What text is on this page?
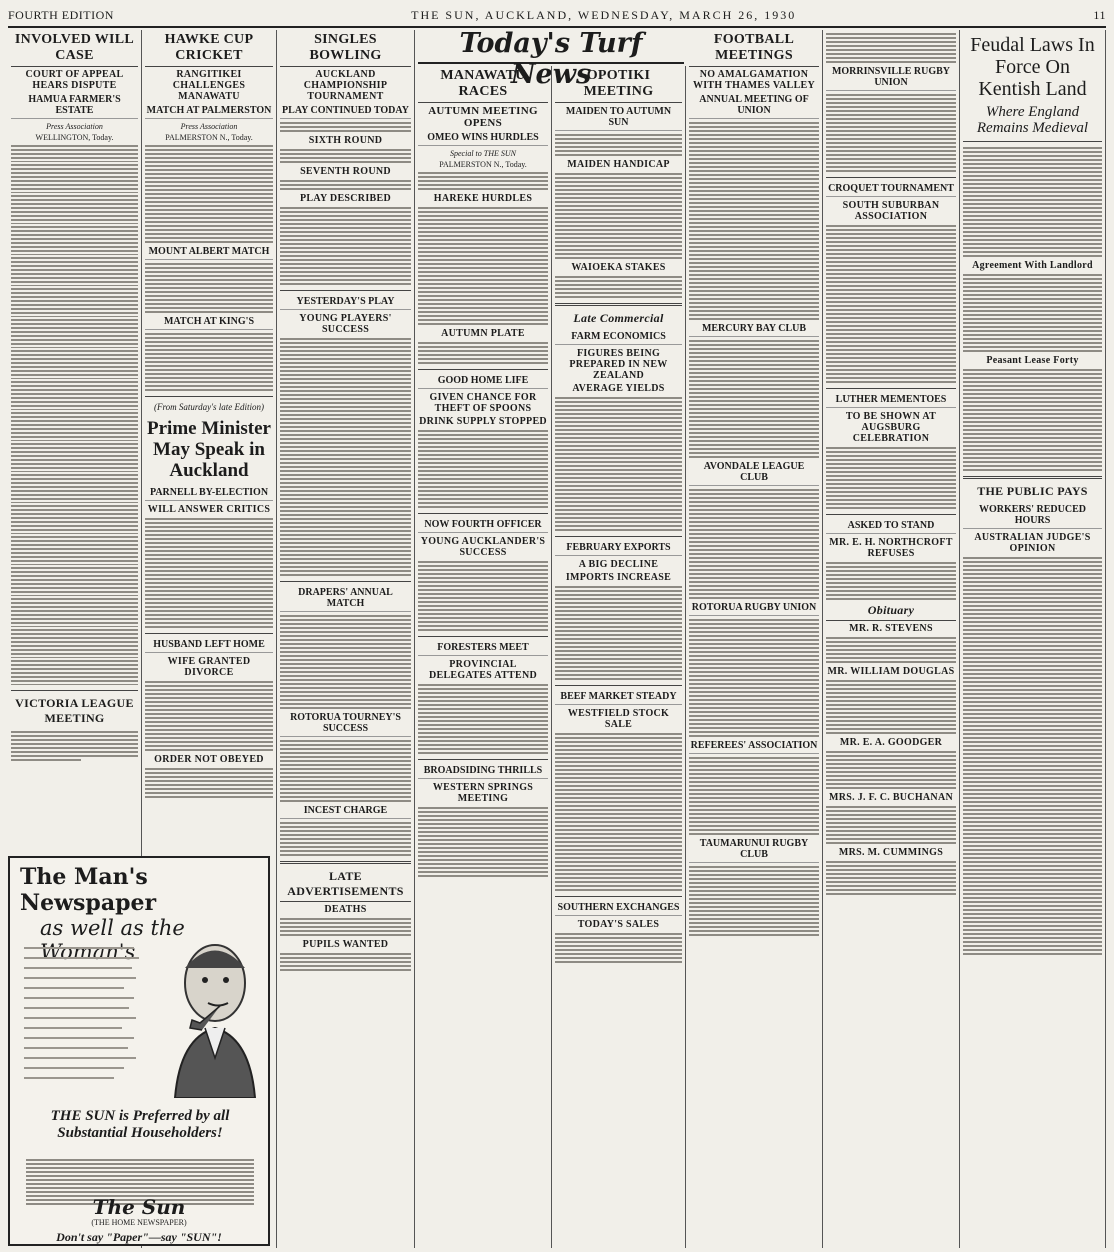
FOURTH EDITION	THE SUN, AUCKLAND, WEDNESDAY, MARCH 26, 1930	11
INVOLVED WILL CASE
COURT OF APPEAL HEARS DISPUTE
HAMUA FARMER'S ESTATE
Press Association
WELLINGTON, Today.
VICTORIA LEAGUE MEETING
HAWKE CUP CRICKET
RANGITIKEI CHALLENGES MANAWATU
MATCH AT PALMERSTON
Press Association
PALMERSTON N., Today.
MOUNT ALBERT MATCH
MATCH AT KING'S
(From Saturday's late Edition)
Prime Minister May Speak in Auckland
PARNELL BY-ELECTION
WILL ANSWER CRITICS
HUSBAND LEFT HOME
WIFE GRANTED DIVORCE
ORDER NOT OBEYED
SINGLES BOWLING
AUCKLAND CHAMPIONSHIP TOURNAMENT
PLAY CONTINUED TODAY
SIXTH ROUND
SEVENTH ROUND
PLAY DESCRIBED
YESTERDAY'S PLAY
YOUNG PLAYERS' SUCCESS
DRAPERS' ANNUAL MATCH
ROTORUA TOURNEY'S SUCCESS
INCEST CHARGE
LATE ADVERTISEMENTS
DEATHS
PUPILS WANTED
Today's Turf News
MANAWATU RACES
AUTUMN MEETING OPENS
OMEO WINS HURDLES
Special to THE SUN
PALMERSTON N., Today.
HAREKE HURDLES
AUTUMN PLATE
GOOD HOME LIFE
GIVEN CHANCE FOR THEFT OF SPOONS
DRINK SUPPLY STOPPED
NOW FOURTH OFFICER
YOUNG AUCKLANDER'S SUCCESS
FORESTERS MEET
PROVINCIAL DELEGATES ATTEND
BROADSIDING THRILLS
WESTERN SPRINGS MEETING
OPOTIKI MEETING
MAIDEN TO AUTUMN SUN
MAIDEN HANDICAP
WAIOEKA STAKES
Late Commercial
FARM ECONOMICS
FIGURES BEING PREPARED IN NEW ZEALAND
AVERAGE YIELDS
FEBRUARY EXPORTS
A BIG DECLINE
IMPORTS INCREASE
BEEF MARKET STEADY
WESTFIELD STOCK SALE
SOUTHERN EXCHANGES
TODAY'S SALES
FOOTBALL MEETINGS
NO AMALGAMATION WITH THAMES VALLEY
ANNUAL MEETING OF UNION
MERCURY BAY CLUB
AVONDALE LEAGUE CLUB
ROTORUA RUGBY UNION
REFEREES' ASSOCIATION
TAUMARUNUI RUGBY CLUB
MORRINSVILLE RUGBY UNION
CROQUET TOURNAMENT
SOUTH SUBURBAN ASSOCIATION
LUTHER MEMENTOES
TO BE SHOWN AT AUGSBURG CELEBRATION
ASKED TO STAND
MR. E. H. NORTHCROFT REFUSES
Obituary
MR. R. STEVENS
MR. WILLIAM DOUGLAS
MR. E. A. GOODGER
MRS. J. F. C. BUCHANAN
MRS. M. CUMMINGS
Feudal Laws In Force On Kentish Land
Where England Remains Medieval
Agreement With Landlord
Peasant Lease Forty
THE PUBLIC PAYS
WORKERS' REDUCED HOURS
AUSTRALIAN JUDGE'S OPINION
The Man's Newspaper
as well as the Woman's
THE SUN is Preferred by all Substantial Householders!
The Sun
(THE HOME NEWSPAPER)
Don't say "Paper"—say "SUN"!
